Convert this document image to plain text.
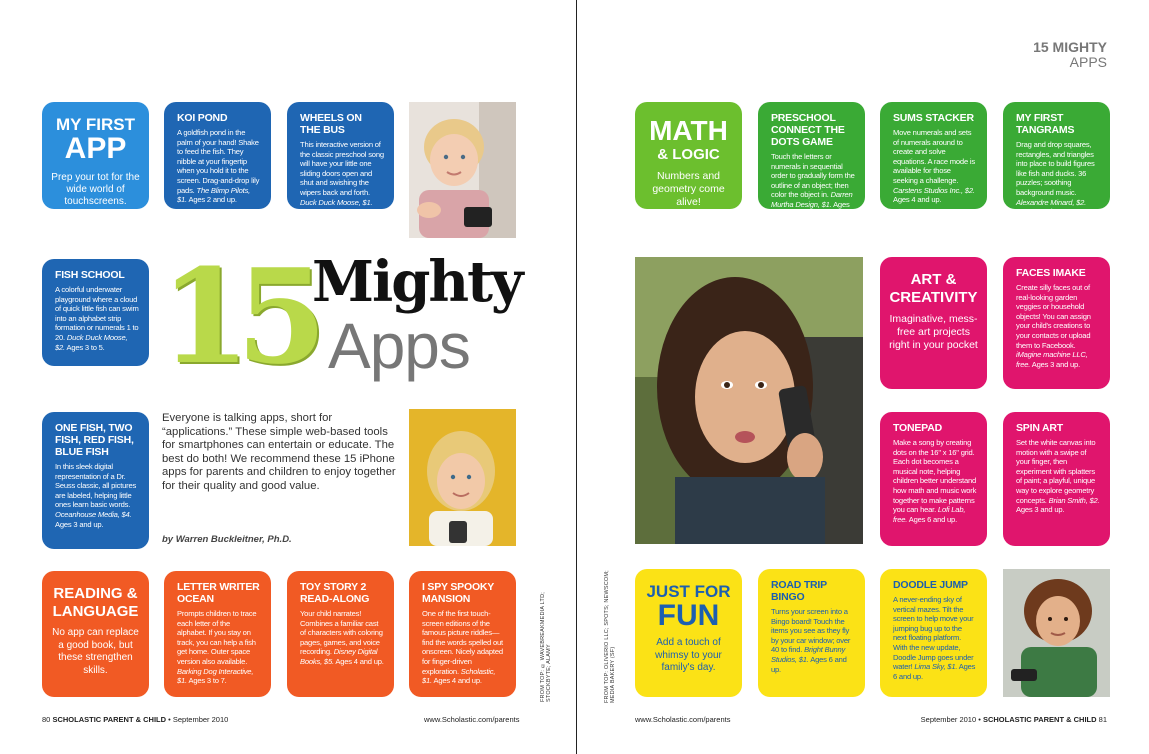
15 MIGHTY
APPS
MY FIRST
APP
Prep your tot for the wide world of touchscreens.
KOI POND
A goldfish pond in the palm of your hand! Shake to feed the fish. They nibble at your fingertip when you hold it to the screen. Drag-and-drop lily pads. The Blimp Pilots, $1. Ages 2 and up.
WHEELS ON THE BUS
This interactive version of the classic preschool song will have your little one sliding doors open and shut and swishing the wipers back and forth. Duck Duck Moose, $1. Ages 3 to 5.
15 Mighty
Apps
FISH SCHOOL
A colorful underwater playground where a cloud of quick little fish can swim into an alphabet strip formation or numerals 1 to 20. Duck Duck Moose, $2. Ages 3 to 5.
ONE FISH, TWO FISH, RED FISH, BLUE FISH
In this sleek digital representation of a Dr. Seuss classic, all pictures are labeled, helping little ones learn basic words. Oceanhouse Media, $4. Ages 3 and up.
Everyone is talking apps, short for “applications.” These simple web-based tools for smartphones can entertain or educate. The best do both! We recommend these 15 iPhone apps for parents and children to enjoy together for their quality and good value.
by Warren Buckleitner, Ph.D.
READING &
LANGUAGE
No app can replace a good book, but these strengthen skills.
LETTER WRITER OCEAN
Prompts children to trace each letter of the alphabet. If you stay on track, you can help a fish get home. Outer space version also available. Barking Dog Interactive, $1. Ages 3 to 7.
TOY STORY 2 READ-ALONG
Your child narrates! Combines a familiar cast of characters with coloring pages, games, and voice recording. Disney Digital Books, $5. Ages 4 and up.
I SPY SPOOKY MANSION
One of the first touch-screen editions of the famous picture riddles—find the words spelled out onscreen. Nicely adapted for finger-driven exploration. Scholastic, $1. Ages 4 and up.	FROM TOP: © WAVEBREAKMEDIA LTD; STOCKBYTE; ALAMY
80 SCHOLASTIC PARENT & CHILD • September 2010	www.Scholastic.com/parents
MATH
& LOGIC
Numbers and geometry come alive!
PRESCHOOL CONNECT THE DOTS GAME
Touch the letters or numerals in sequential order to gradually form the outline of an object; then color the object in. Darren Murtha Design, $1. Ages 3 to 6.
SUMS STACKER
Move numerals and sets of numerals around to create and solve equations. A race mode is available for those seeking a challenge. Carstens Studios Inc., $2. Ages 4 and up.
MY FIRST TANGRAMS
Drag and drop squares, rectangles, and triangles into place to build figures like fish and ducks. 36 puzzles; soothing background music. Alexandre Minard, $2. Ages 3 and up.
ART &
CREATIVITY
Imaginative, mess-free art projects right in your pocket
FACES IMAKE
Create silly faces out of real-looking garden veggies or household objects! You can assign your child's creations to your contacts or upload them to Facebook. iMagine machine LLC, free. Ages 3 and up.
TONEPAD
Make a song by creating dots on the 16" x 16" grid. Each dot becomes a musical note, helping children better understand how math and music work together to make patterns you can hear. Lofi Lab, free. Ages 6 and up.
SPIN ART
Set the white canvas into motion with a swipe of your finger, then experiment with splatters of paint; a playful, unique way to explore geometry concepts. Brian Smith, $2. Ages 3 and up.
FROM TOP: OLIVERIO LLC; SPOTS; NEWSCOM; MEDIA BAKERY (SF)
JUST FOR
FUN
Add a touch of whimsy to your family's day.
ROAD TRIP BINGO
Turns your screen into a Bingo board! Touch the items you see as they fly by your car window; over 40 to find. Bright Bunny Studios, $1. Ages 6 and up.
DOODLE JUMP
A never-ending sky of vertical mazes. Tilt the screen to help move your jumping bug up to the next floating platform. With the new update, Doodle Jump goes under water! Lima Sky, $1. Ages 6 and up.
www.Scholastic.com/parents	September 2010 • SCHOLASTIC PARENT & CHILD 81
